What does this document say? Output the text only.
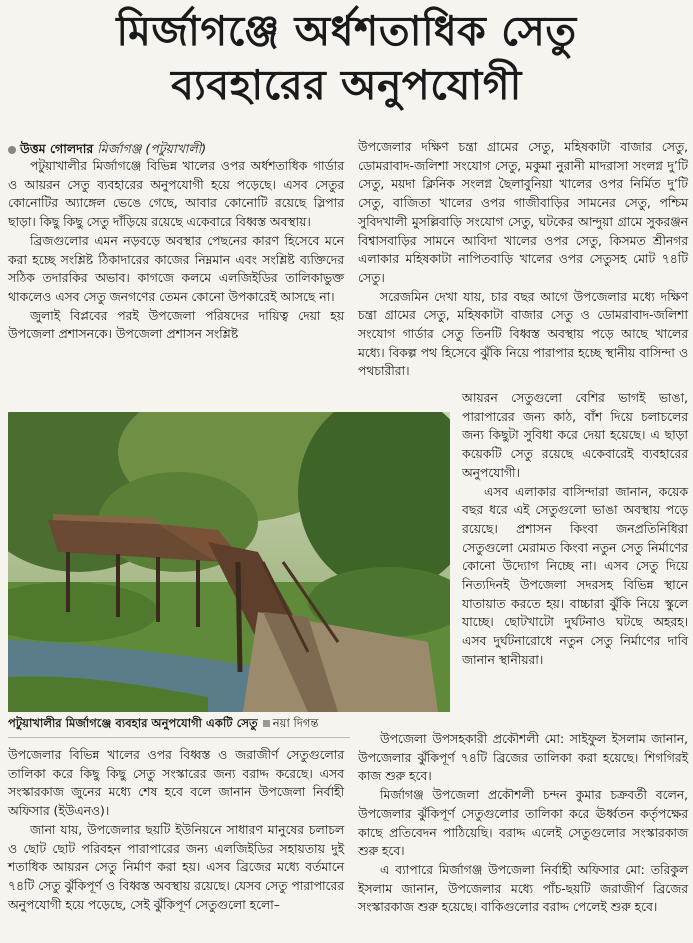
মির্জাগঞ্জে অর্ধশতাধিক সেতু
ব্যবহারের অনুপযোগী
উত্তম গোলদার মির্জাগঞ্জ (পটুয়াখালী)

পটুয়াখালীর মির্জাগঞ্জে বিভিন্ন খালের ওপর অর্ধশতাধিক গার্ডার ও আয়রন সেতু ব্যবহারের অনুপযোগী হয়ে পড়েছে। এসব সেতুর কোনোটির অ্যাঙ্গেল ভেঙে গেছে, আবার কোনোটি রয়েছে স্লিপার ছাড়া। কিছু কিছু সেতু দাঁড়িয়ে রয়েছে একেবারে বিধ্বস্ত অবস্থায়।

ব্রিজগুলোর এমন নড়বড়ে অবস্থার পেছনের কারণ হিসেবে মনে করা হচ্ছে সংশ্লিষ্ট ঠিকাদারের কাজের নিম্নমান এবং সংশ্লিষ্ট ব্যক্তিদের সঠিক তদারকির অভাব। কাগজে কলমে এলজিইডির তালিকাভুক্ত থাকলেও এসব সেতু জনগণের তেমন কোনো উপকারেই আসছে না।

জুলাই বিপ্লবের পরই উপজেলা পরিষদের দায়িত্ব দেয়া হয় উপজেলা প্রশাসনকে। উপজেলা প্রশাসন সংশ্লিষ্ট

উপজেলার দক্ষিণ চন্ত্রা গ্রামের সেতু, মহিষকাটা বাজার সেতু, ডোমরাবাদ-জলিশা সংযোগ সেতু, মকুমা নুরানী মাদরাসা সংলগ্ন দু’টি সেতু, ময়দা ক্লিনিক সংলগ্ন ছৈলাবুনিয়া খালের ওপর নির্মিত দু’টি সেতু, বাজিতা খালের ওপর গাজীবাড়ির সামনের সেতু, পশ্চিম সুবিদখালী মুসল্লিবাড়ি সংযোগ সেতু, ঘটকের আন্দুয়া গ্রামে সুকরঞ্জন বিশ্বাসবাড়ির সামনে আবিদা খালের ওপর সেতু, কিসমত শ্রীনগর এলাকার মহিষকাটা নাপিতবাড়ি খালের ওপর সেতুসহ মোট ৭৪টি সেতু।

সরেজমিন দেখা যায়, চার বছর আগে উপজেলার মধ্যে দক্ষিণ চন্ত্রা গ্রামের সেতু, মহিষকাটা বাজার সেতু ও ডোমরাবাদ-জলিশা সংযোগ গার্ডার সেতু তিনটি বিধ্বস্ত অবস্থায় পড়ে আছে খালের মধ্যে। বিকল্প পথ হিসেবে ঝুঁকি নিয়ে পারাপার হচ্ছে স্থানীয় বাসিন্দা ও পথচারীরা।

আয়রন সেতুগুলো বেশির ভাগই ভাঙা, পারাপারের জন্য কাঠ, বাঁশ দিয়ে চলাচলের জন্য কিছুটা সুবিধা করে দেয়া হয়েছে। এ ছাড়া কয়েকটি সেতু রয়েছে একেবারেই ব্যবহারের অনুপযোগী।

এসব এলাকার বাসিন্দারা জানান, কয়েক বছর ধরে এই সেতুগুলো ভাঙা অবস্থায় পড়ে রয়েছে। প্রশাসন কিংবা জনপ্রতিনিধিরা সেতুগুলো মেরামত কিংবা নতুন সেতু নির্মাণের কোনো উদ্যোগ নিচ্ছে না। এসব সেতু দিয়ে নিত্যদিনই উপজেলা সদরসহ বিভিন্ন স্থানে যাতায়াত করতে হয়। বাচ্চারা ঝুঁকি নিয়ে স্কুলে যাচ্ছে। ছোটখাটো দুর্ঘটনাও ঘটছে অহরহ। এসব দুর্ঘটনারোধে নতুন সেতু নির্মাণের দাবি জানান স্থানীয়রা।

পটুয়াখালীর মির্জাগঞ্জে ব্যবহার অনুপযোগী একটি সেতু নয়া দিগন্ত

উপজেলার বিভিন্ন খালের ওপর বিধ্বস্ত ও জরাজীর্ণ সেতুগুলোর তালিকা করে কিছু কিছু সেতু সংস্কারের জন্য বরাদ্দ করেছে। এসব সংস্কারকাজ জুনের মধ্যে শেষ হবে বলে জানান উপজেলা নির্বাহী অফিসার (ইউএনও)।

জানা যায়, উপজেলার ছয়টি ইউনিয়নে সাধারণ মানুষের চলাচল ও ছোট ছোট পরিবহন পারাপারের জন্য এলজিইডির সহায়তায় দুই শতাধিক আয়রন সেতু নির্মাণ করা হয়। এসব ব্রিজের মধ্যে বর্তমানে ৭৪টি সেতু ঝুঁকিপূর্ণ ও বিধ্বস্ত অবস্থায় রয়েছে। যেসব সেতু পারাপারের অনুপযোগী হয়ে পড়েছে, সেই ঝুঁকিপূর্ণ সেতুগুলো হলো–

উপজেলা উপসহকারী প্রকৌশলী মো: সাইফুল ইসলাম জানান, উপজেলার ঝুঁকিপূর্ণ ৭৪টি ব্রিজের তালিকা করা হয়েছে। শিগগিরই কাজ শুরু হবে।

মির্জাগঞ্জ উপজেলা প্রকৌশলী চন্দন কুমার চক্রবর্তী বলেন, উপজেলার ঝুঁকিপূর্ণ সেতুগুলোর তালিকা করে ঊর্ধ্বতন কর্তৃপক্ষের কাছে প্রতিবেদন পাঠিয়েছি। বরাদ্দ এলেই সেতুগুলোর সংস্কারকাজ শুরু হবে।

এ ব্যাপারে মির্জাগঞ্জ উপজেলা নির্বাহী অফিসার মো: তরিকুল ইসলাম জানান, উপজেলার মধ্যে পাঁচ-ছয়টি জরাজীর্ণ ব্রিজের সংস্কারকাজ শুরু হয়েছে। বাকিগুলোর বরাদ্দ পেলেই শুরু হবে।
